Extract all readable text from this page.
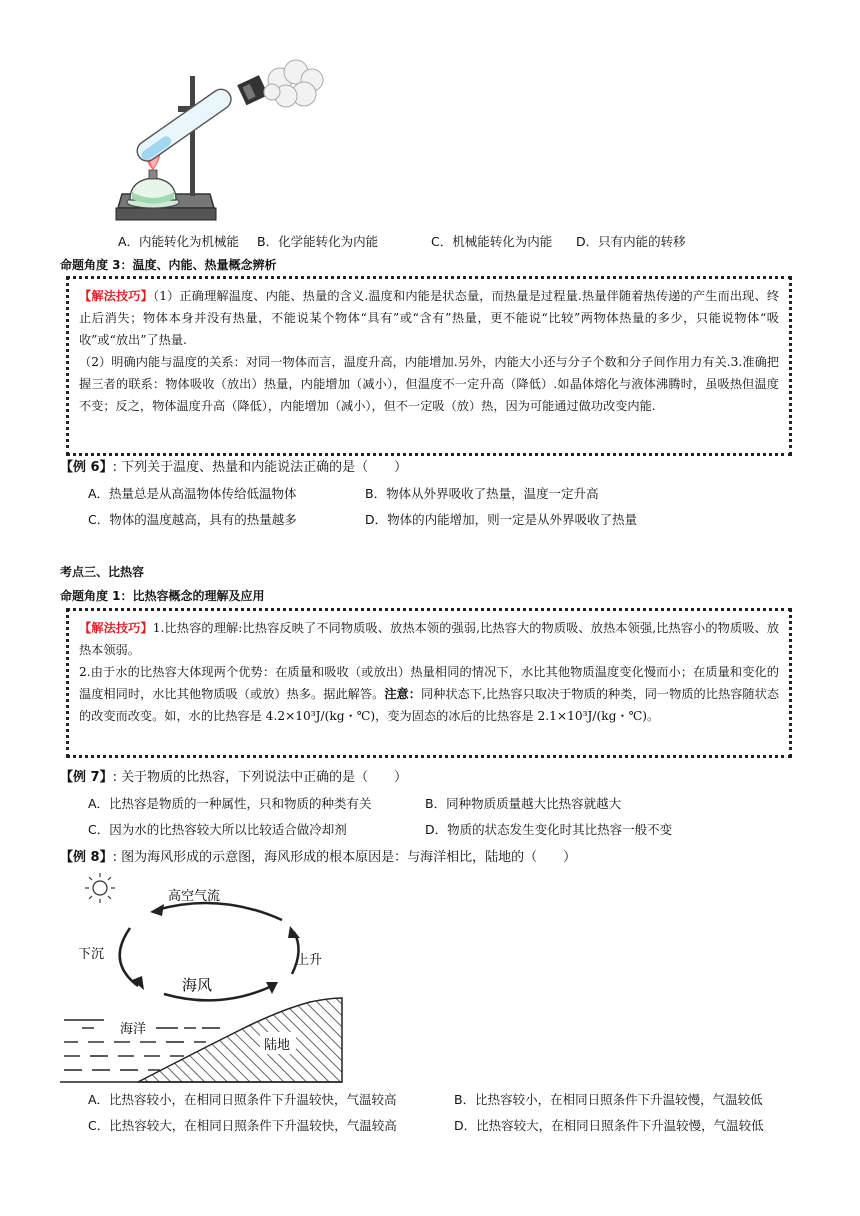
A．内能转化为机械能 B．化学能转化为内能	C．机械能转化为内能 D．只有内能的转移
命题角度 3：温度、内能、热量概念辨析
【解法技巧】（1）正确理解温度、内能、热量的含义.温度和内能是状态量，而热量是过程量.热量伴随着热传递的产生而出现、终止后消失；物体本身并没有热量，不能说某个物体“具有”或“含有”热量，更不能说“比较”两物体热量的多少，只能说物体“吸收”或“放出”了热量.
（2）明确内能与温度的关系：对同一物体而言，温度升高，内能增加.另外，内能大小还与分子个数和分子间作用力有关.3.准确把握三者的联系：物体吸收（放出）热量，内能增加（减小），但温度不一定升高（降低）.如晶体熔化与液体沸腾时，虽吸热但温度不变；反之，物体温度升高（降低），内能增加（减小），但不一定吸（放）热，因为可能通过做功改变内能.
【例 6】: 下列关于温度、热量和内能说法正确的是（　　）
A．热量总是从高温物体传给低温物体	B．物体从外界吸收了热量，温度一定升高
C．物体的温度越高，具有的热量越多	D．物体的内能增加，则一定是从外界吸收了热量
考点三、比热容
命题角度 1：比热容概念的理解及应用
【解法技巧】1.比热容的理解:比热容反映了不同物质吸、放热本领的强弱,比热容大的物质吸、放热本领强,比热容小的物质吸、放热本领弱。
2.由于水的比热容大体现两个优势：在质量和吸收（或放出）热量相同的情况下，水比其他物质温度变化慢而小；在质量和变化的温度相同时，水比其他物质吸（或放）热多。据此解答。注意：同种状态下,比热容只取决于物质的种类，同一物质的比热容随状态的改变而改变。如，水的比热容是 4.2×10³J/(kg・℃)，变为固态的冰后的比热容是 2.1×10³J/(kg・℃)。
【例 7】: 关于物质的比热容，下列说法中正确的是（　　）
A．比热容是物质的一种属性，只和物质的种类有关	B．同种物质质量越大比热容就越大
C．因为水的比热容较大所以比较适合做冷却剂	D．物质的状态发生变化时其比热容一般不变
【例 8】: 图为海风形成的示意图，海风形成的根本原因是：与海洋相比，陆地的（　　）
高空气流
下沉	上升
海风
陆地
海洋
A．比热容较小，在相同日照条件下升温较快，气温较高	B．比热容较小，在相同日照条件下升温较慢，气温较低
C．比热容较大，在相同日照条件下升温较快，气温较高	D．比热容较大，在相同日照条件下升温较慢，气温较低
